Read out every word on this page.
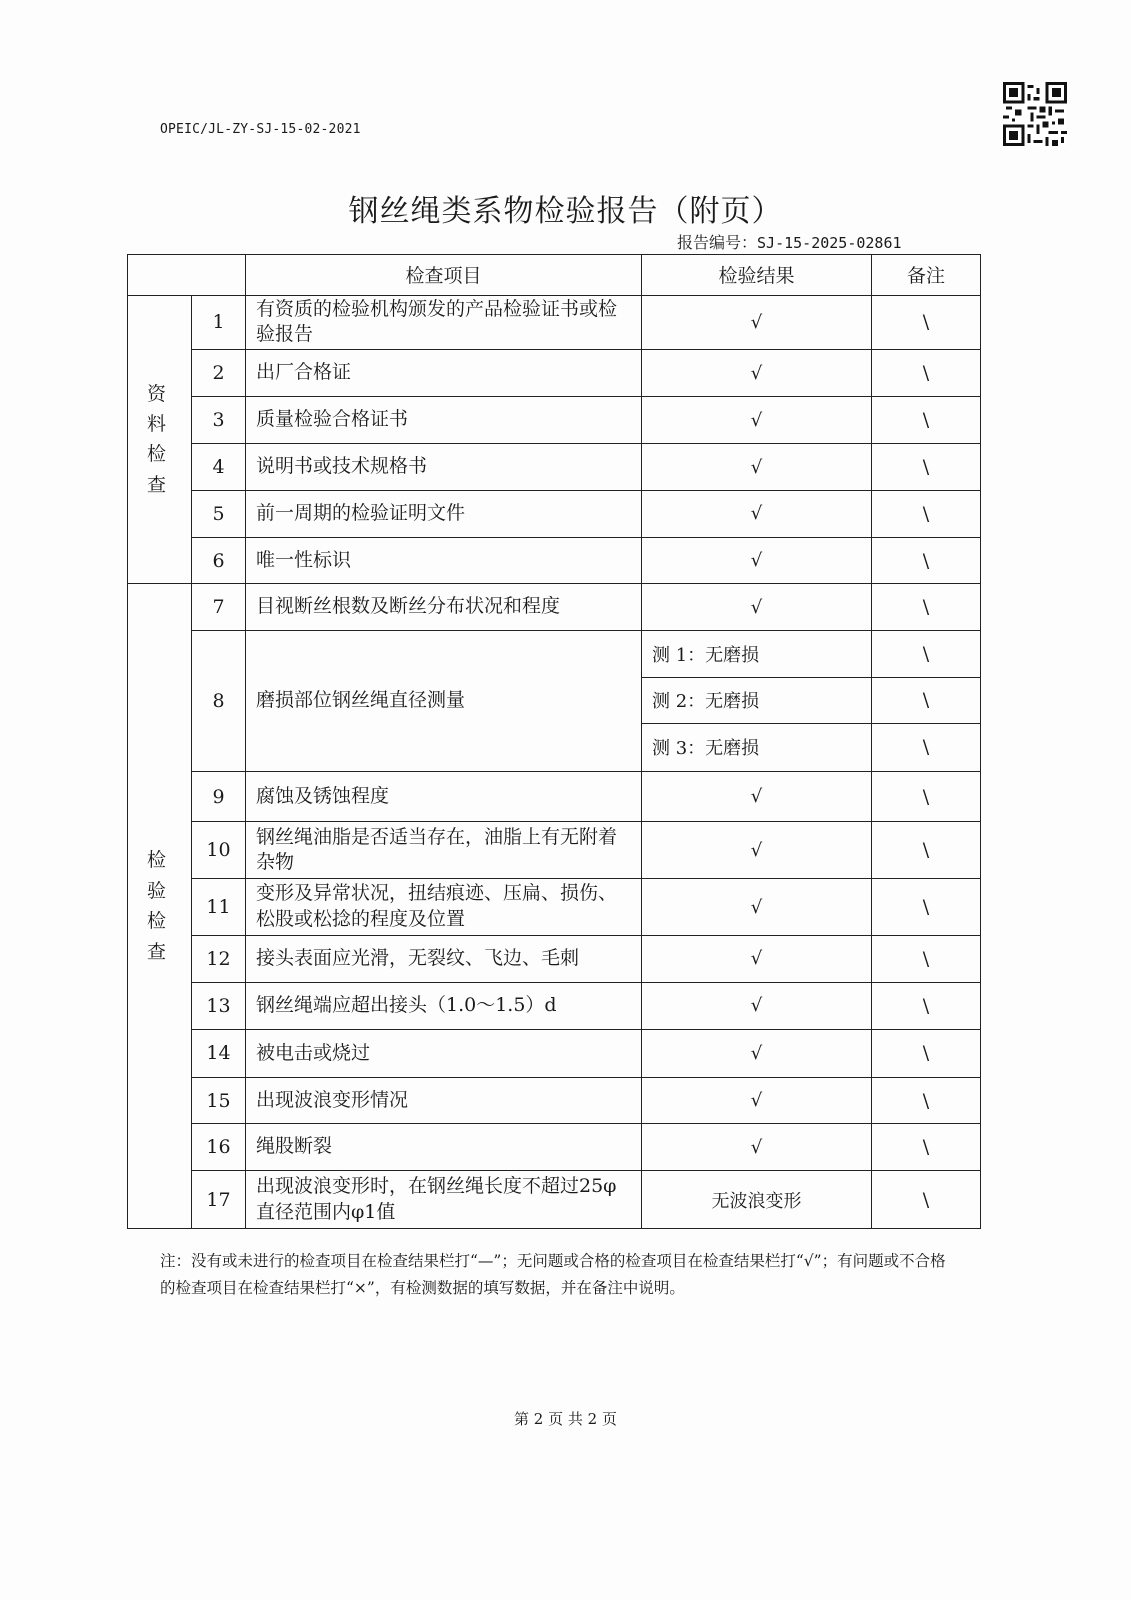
OPEIC/JL-ZY-SJ-15-02-2021
钢丝绳类系物检验报告（附页）
报告编号：SJ-15-2025-02861
		检查项目	检验结果	备注
资 料 检查	1	有资质的检验机构颁发的产品检验证书或检验报告	√	\
	2	出厂合格证	√	\
	3	质量检验合格证书	√	\
	4	说明书或技术规格书	√	\
	5	前一周期的检验证明文件	√	\
	6	唯一性标识	√	\
检验 检查	7	目视断丝根数及断丝分布状况和程度	√	\
	8	磨损部位钢丝绳直径测量	测 1：无磨损	\
			测 2：无磨损	\
			测 3：无磨损	\
	9	腐蚀及锈蚀程度	√	\
	10	钢丝绳油脂是否适当存在，油脂上有无附着杂物	√	\
	11	变形及异常状况，扭结痕迹、压扁、损伤、松股或松捻的程度及位置	√	\
	12	接头表面应光滑，无裂纹、飞边、毛刺	√	\
	13	钢丝绳端应超出接头（1.0～1.5）d	√	\
	14	被电击或烧过	√	\
	15	出现波浪变形情况	√	\
	16	绳股断裂	√	\
	17	出现波浪变形时，在钢丝绳长度不超过25φ直径范围内φ1值	无波浪变形	\
注：没有或未进行的检查项目在检查结果栏打“—”；无问题或合格的检查项目在检查结果栏打“√”；有问题或不合格的检查项目在检查结果栏打“×”，有检测数据的填写数据，并在备注中说明。
第 2 页 共 2 页
